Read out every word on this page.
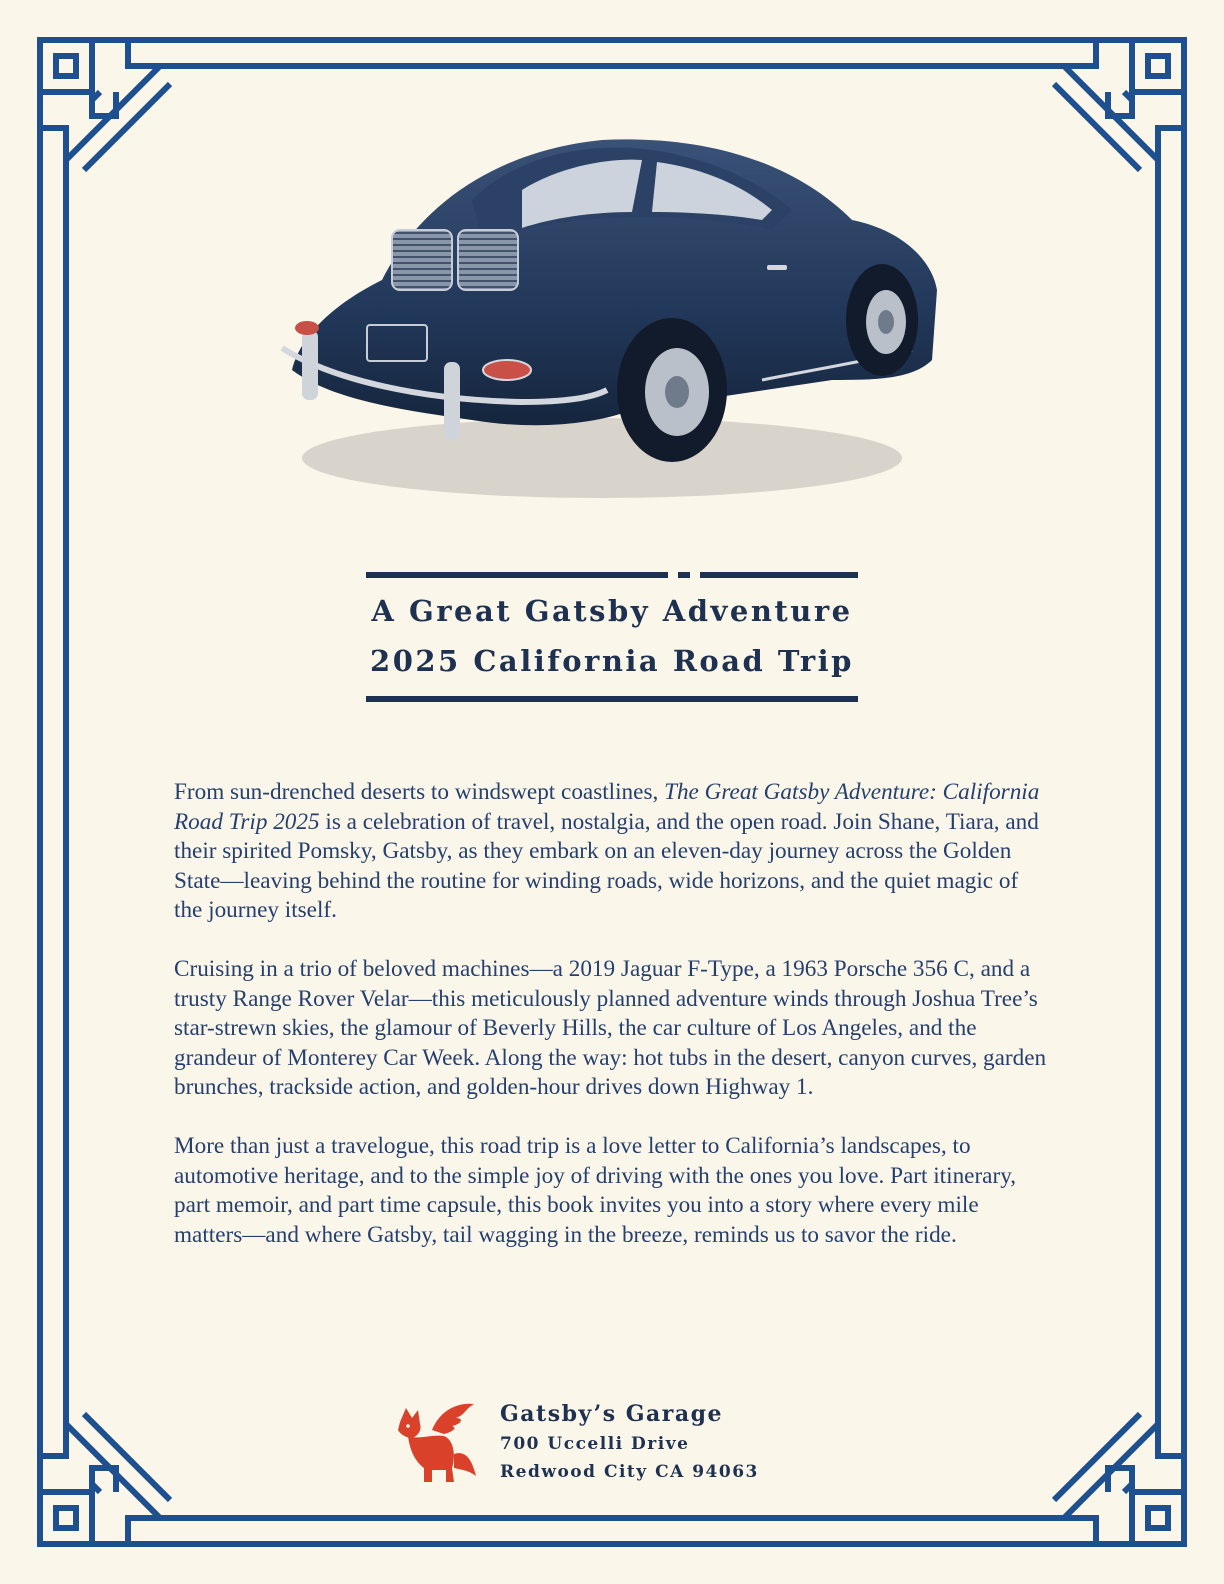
A Great Gatsby Adventure
2025 California Road Trip

From sun-drenched deserts to windswept coastlines, The Great Gatsby Adventure: California Road Trip 2025 is a celebration of travel, nostalgia, and the open road. Join Shane, Tiara, and their spirited Pomsky, Gatsby, as they embark on an eleven-day journey across the Golden State—leaving behind the routine for winding roads, wide horizons, and the quiet magic of the journey itself.

Cruising in a trio of beloved machines—a 2019 Jaguar F-Type, a 1963 Porsche 356 C, and a trusty Range Rover Velar—this meticulously planned adventure winds through Joshua Tree’s star-strewn skies, the glamour of Beverly Hills, the car culture of Los Angeles, and the grandeur of Monterey Car Week. Along the way: hot tubs in the desert, canyon curves, garden brunches, trackside action, and golden-hour drives down Highway 1.

More than just a travelogue, this road trip is a love letter to California’s landscapes, to automotive heritage, and to the simple joy of driving with the ones you love. Part itinerary, part memoir, and part time capsule, this book invites you into a story where every mile matters—and where Gatsby, tail wagging in the breeze, reminds us to savor the ride.

Gatsby’s Garage
700 Uccelli Drive
Redwood City CA 94063
